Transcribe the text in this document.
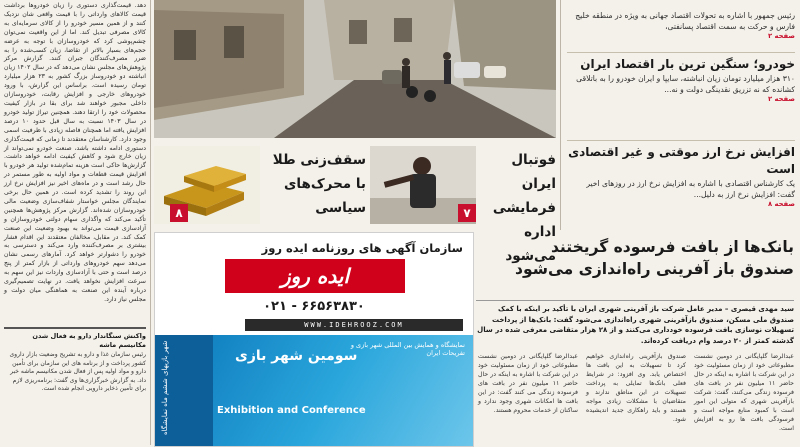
دهد. قیمت‌گذاری دستوری را زیان خودروها برداشت قیمت کالاهای وارداتی را با قیمت واقعی شان نزدیک کنند و از همین مسیر خودرو را از کالای سرمایه‌ای به کالای مصرفی تبدیل کند. اما از این واقعیت نمی‌توان چشم‌پوشی کرد که خودروسازان با توجه به عرضه حجم‌های بسیار بالاتر از تقاضا، زیان کسب‌شده را به ضرر مصرف‌کنندگان جبران کنند. گزارش مرکز پژوهش‌های مجلس نشان می‌دهد که در سال ۱۴۰۲ زیان انباشته دو خودروساز بزرگ کشور به ۲۳ هزار میلیارد تومان رسیده است. براساس این گزارش، با ورود خودروهای خارجی و افزایش رقابت، خودروسازان داخلی مجبور خواهند شد برای بقا در بازار کیفیت محصولات خود را ارتقا دهند. همچنین تیراژ تولید خودرو در سال ۱۴۰۳ نسبت به سال قبل حدود ۱۰ درصد افزایش یافته اما همچنان فاصله زیادی با ظرفیت اسمی وجود دارد. کارشناسان معتقدند تا زمانی که قیمت‌گذاری دستوری ادامه داشته باشد، صنعت خودرو نمی‌تواند از زیان خارج شود و کاهش کیفیت ادامه خواهد داشت. گزارش‌ها حاکی است هزینه تمام‌شده تولید هر خودرو با افزایش قیمت قطعات و مواد اولیه به طور مستمر در حال رشد است و در ماه‌های اخیر نیز افزایش نرخ ارز این روند را تشدید کرده است. در همین حال برخی نمایندگان مجلس خواستار شفاف‌سازی وضعیت مالی خودروسازان شده‌اند. گزارش مرکز پژوهش‌ها همچنین تأکید می‌کند که واگذاری سهام دولتی خودروسازان و آزادسازی قیمت می‌تواند به بهبود وضعیت این صنعت کمک کند. در مقابل، مخالفان معتقدند این اقدام فشار بیشتری بر مصرف‌کننده وارد می‌کند و دسترسی به خودرو را دشوارتر خواهد کرد. آمارهای رسمی نشان می‌دهد سهم خودروهای وارداتی از بازار کمتر از پنج درصد است و حتی با آزادسازی واردات نیز این سهم به سرعت افزایش نخواهد یافت. در نهایت تصمیم‌گیری درباره آینده این صنعت به هماهنگی میان دولت و مجلس نیاز دارد.
واکنش سنگاندار دارو به فعال شدن مکانیسم ماشه
رئیس سازمان غذا و دارو به تشریح وضعیت بازار داروی کشور پرداخت و از برنامه های این سازمان برای تأمین دارو و مواد اولیه پس از فعال شدن مکانیسم ماشه خبر داد. به گزارش خبرگزاری‌ها وی گفت: برنامه‌ریزی لازم برای تأمین ذخایر دارویی انجام شده است.
فوتبال ایران فرمایشی اداره می‌شود
۷
سقف‌زنی طلا با محرک‌های سیاسی
۸
سازمان آگهی های روزنامه ایده روز
ایده روز
۰۲۱ - ۶۶۵۶۳۸۳۰
WWW.IDEHROOZ.COM
شهر بازیهای ششم ماه نمایشگاه	سومین شهر بازی
نمایشگاه و همایش بین المللی شهر بازی و تفریحات ایران
Exhibition and Conference
رئیس جمهور با اشاره به تحولات اقتصاد جهانی به ویژه در منطقه خلیج فارس و حرکت به سمت اقتصاد پسانفتی،
صفحه ۲
خودرو؛ سنگین ترین بار اقتصاد ایران
۳۱۰ هزار میلیارد تومان زیان انباشته، سایپا و ایران خودرو را به باتلاقی کشانده که نه تزریق نقدینگی دولت و نه...
صفحه ۲
افزایش نرخ ارز موقتی و غیر اقتصادی است
یک کارشناس اقتصادی با اشاره به افزایش نرخ ارز در روزهای اخیر گفت: افزایش نرخ ارز به دلیل...
صفحه ۸
بانک‌ها از بافت فرسوده گریختند
صندوق باز آفرینی راه‌اندازی می‌شود
سید مهدی قیصری – مدیر عامل شرکت باز آفرینی شهری ایران با تأکید بر اینکه با کمک صندوق ملی مسکن، صندوق بازآفرینی شهری راه‌اندازی می‌شود گفت: بانک‌ها از پرداخت تسهیلات نوسازی بافت فرسوده خودداری می‌کنند و از ۲۸ هزار متقاضی معرفی شده در سال گذشته کمتر از ۲۰ درصد وام دریافت کرده‌اند.
عبدالرضا گلپایگانی در دومین نشست مطبوعاتی خود از زمان مسئولیت خود در این شرکت با اشاره به اینکه در حال حاضر ۱۱ میلیون نفر در بافت های فرسوده زندگی می‌کنند، گفت: شرکت بازآفرینی شهری که متولی این امور است با کمبود منابع مواجه است و فرسودگی بافت ها رو به افزایش است.
صندوق بازآفرینی راه‌اندازی خواهیم کرد تا تسهیلات به این بافت ها اختصاص یابد. وی افزود: در شرایط فعلی بانک‌ها تمایلی به پرداخت تسهیلات در این مناطق ندارند و متقاضیان با مشکلات زیادی مواجه هستند و باید راهکاری جدید اندیشیده شود.
عبدالرضا گلپایگانی در دومین نشست مطبوعاتی خود از زمان مسئولیت خود در این شرکت با اشاره به اینکه در حال حاضر ۱۱ میلیون نفر در بافت های فرسوده زندگی می کنند گفت: در این بافت ها امکانات شهری وجود ندارد و ساکنان از خدمات محروم هستند.
